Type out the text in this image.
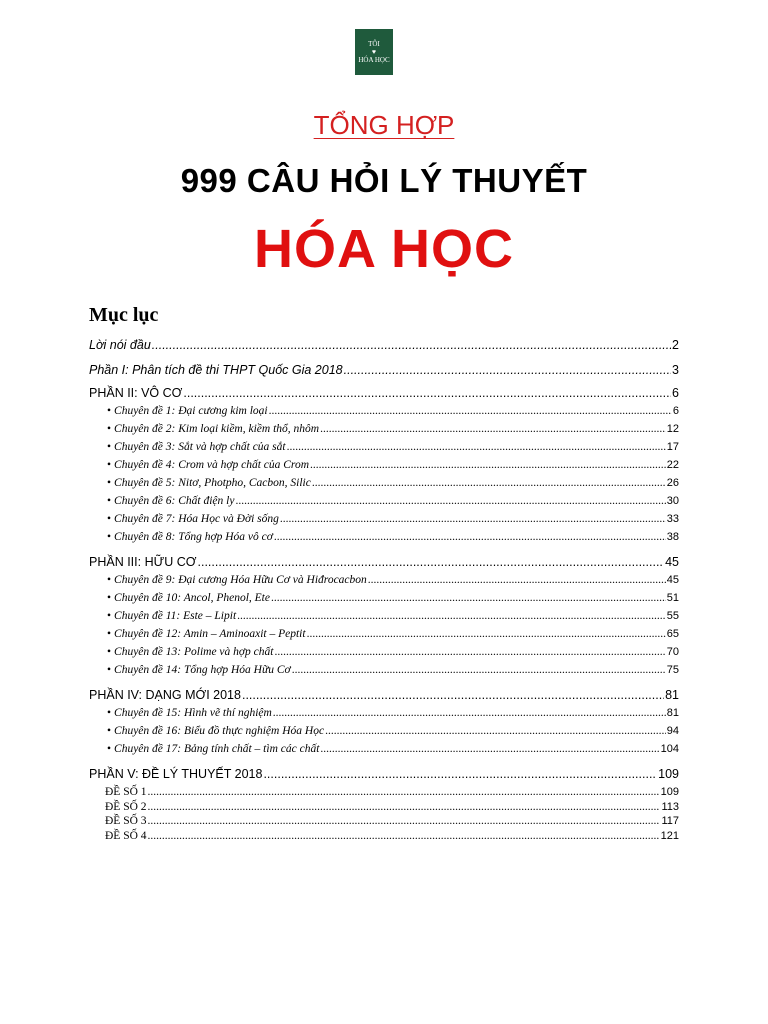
TÔI
♥
HÓA HỌC
TỔNG HỢP
999 CÂU HỎI LÝ THUYẾT
HÓA HỌC
Mục lục
Lời nói đầu .....	2
Phần I: Phân tích đề thi THPT Quốc Gia 2018 .....	3
PHẦN II: VÔ CƠ .....	6
• Chuyên đề 1: Đại cương kim loại .....	6
• Chuyên đề 2: Kim loại kiềm, kiềm thổ, nhôm .....	12
• Chuyên đề 3: Sắt và hợp chất của sắt .....	17
• Chuyên đề 4: Crom và hợp chất của Crom .....	22
• Chuyên đề 5: Nitơ, Photpho, Cacbon, Silic .....	26
• Chuyên đề 6: Chất điện ly .....	30
• Chuyên đề 7: Hóa Học và Đời sống .....	33
• Chuyên đề 8: Tổng hợp Hóa vô cơ .....	38
PHẦN III: HỮU CƠ .....	45
• Chuyên đề 9: Đại cương Hóa Hữu Cơ và Hiđrocacbon .....	45
• Chuyên đề 10: Ancol, Phenol, Ete .....	51
• Chuyên đề 11: Este – Lipit .....	55
• Chuyên đề 12: Amin – Aminoaxit – Peptit .....	65
• Chuyên đề 13: Polime và hợp chất .....	70
• Chuyên đề 14: Tổng hợp Hóa Hữu Cơ .....	75
PHẦN IV: DẠNG MỚI 2018 .....	81
• Chuyên đề 15: Hình vẽ thí nghiệm .....	81
• Chuyên đề 16: Biểu đồ thực nghiệm Hóa Học .....	94
• Chuyên đề 17: Bảng tính chất – tìm các chất .....	104
PHẦN V: ĐỀ LÝ THUYẾT 2018 .....	109
ĐỀ SỐ 1 .....	109
ĐỀ SỐ 2 .....	113
ĐỀ SỐ 3 .....	117
ĐỀ SỐ 4 .....	121
